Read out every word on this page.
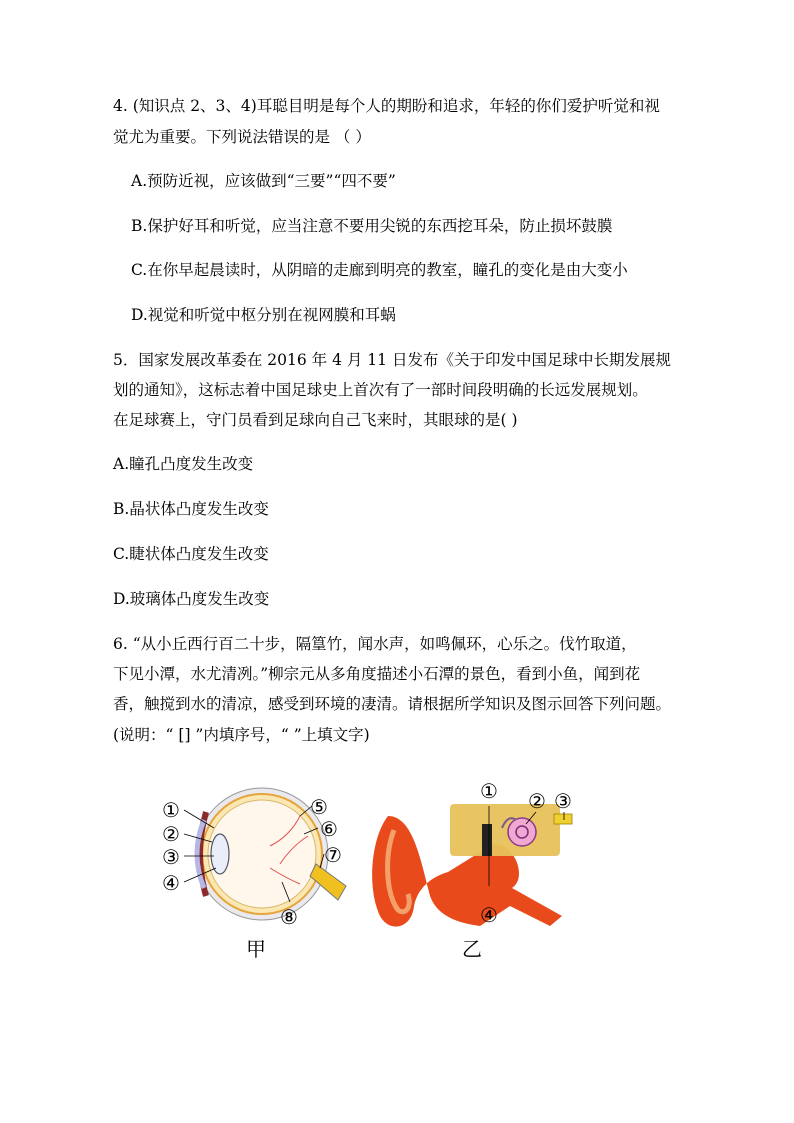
4. (知识点 2、3、4)耳聪目明是每个人的期盼和追求，年轻的你们爱护听觉和视
觉尤为重要。下列说法错误的是 （ ）
A.预防近视，应该做到“三要”“四不要”
B.保护好耳和听觉，应当注意不要用尖锐的东西挖耳朵，防止损坏鼓膜
C.在你早起晨读时，从阴暗的走廊到明亮的教室，瞳孔的变化是由大变小
D.视觉和听觉中枢分别在视网膜和耳蜗
5．国家发展改革委在 2016 年 4 月 11 日发布《关于印发中国足球中长期发展规
划的通知》，这标志着中国足球史上首次有了一部时间段明确的长远发展规划。
在足球赛上，守门员看到足球向自己飞来时，其眼球的是( )
A.瞳孔凸度发生改变
B.晶状体凸度发生改变
C.睫状体凸度发生改变
D.玻璃体凸度发生改变
6. “从小丘西行百二十步，隔篁竹，闻水声，如鸣佩环，心乐之。伐竹取道，
下见小潭，水尤清冽。”柳宗元从多角度描述小石潭的景色，看到小鱼，闻到花
香，触搅到水的清凉，感受到环境的凄清。请根据所学知识及图示回答下列问题。
(说明：“ [] ”内填序号，“ ”上填文字)
①
②
③
④
⑤
⑥
⑦
⑧
甲
① ② ③
④
乙
